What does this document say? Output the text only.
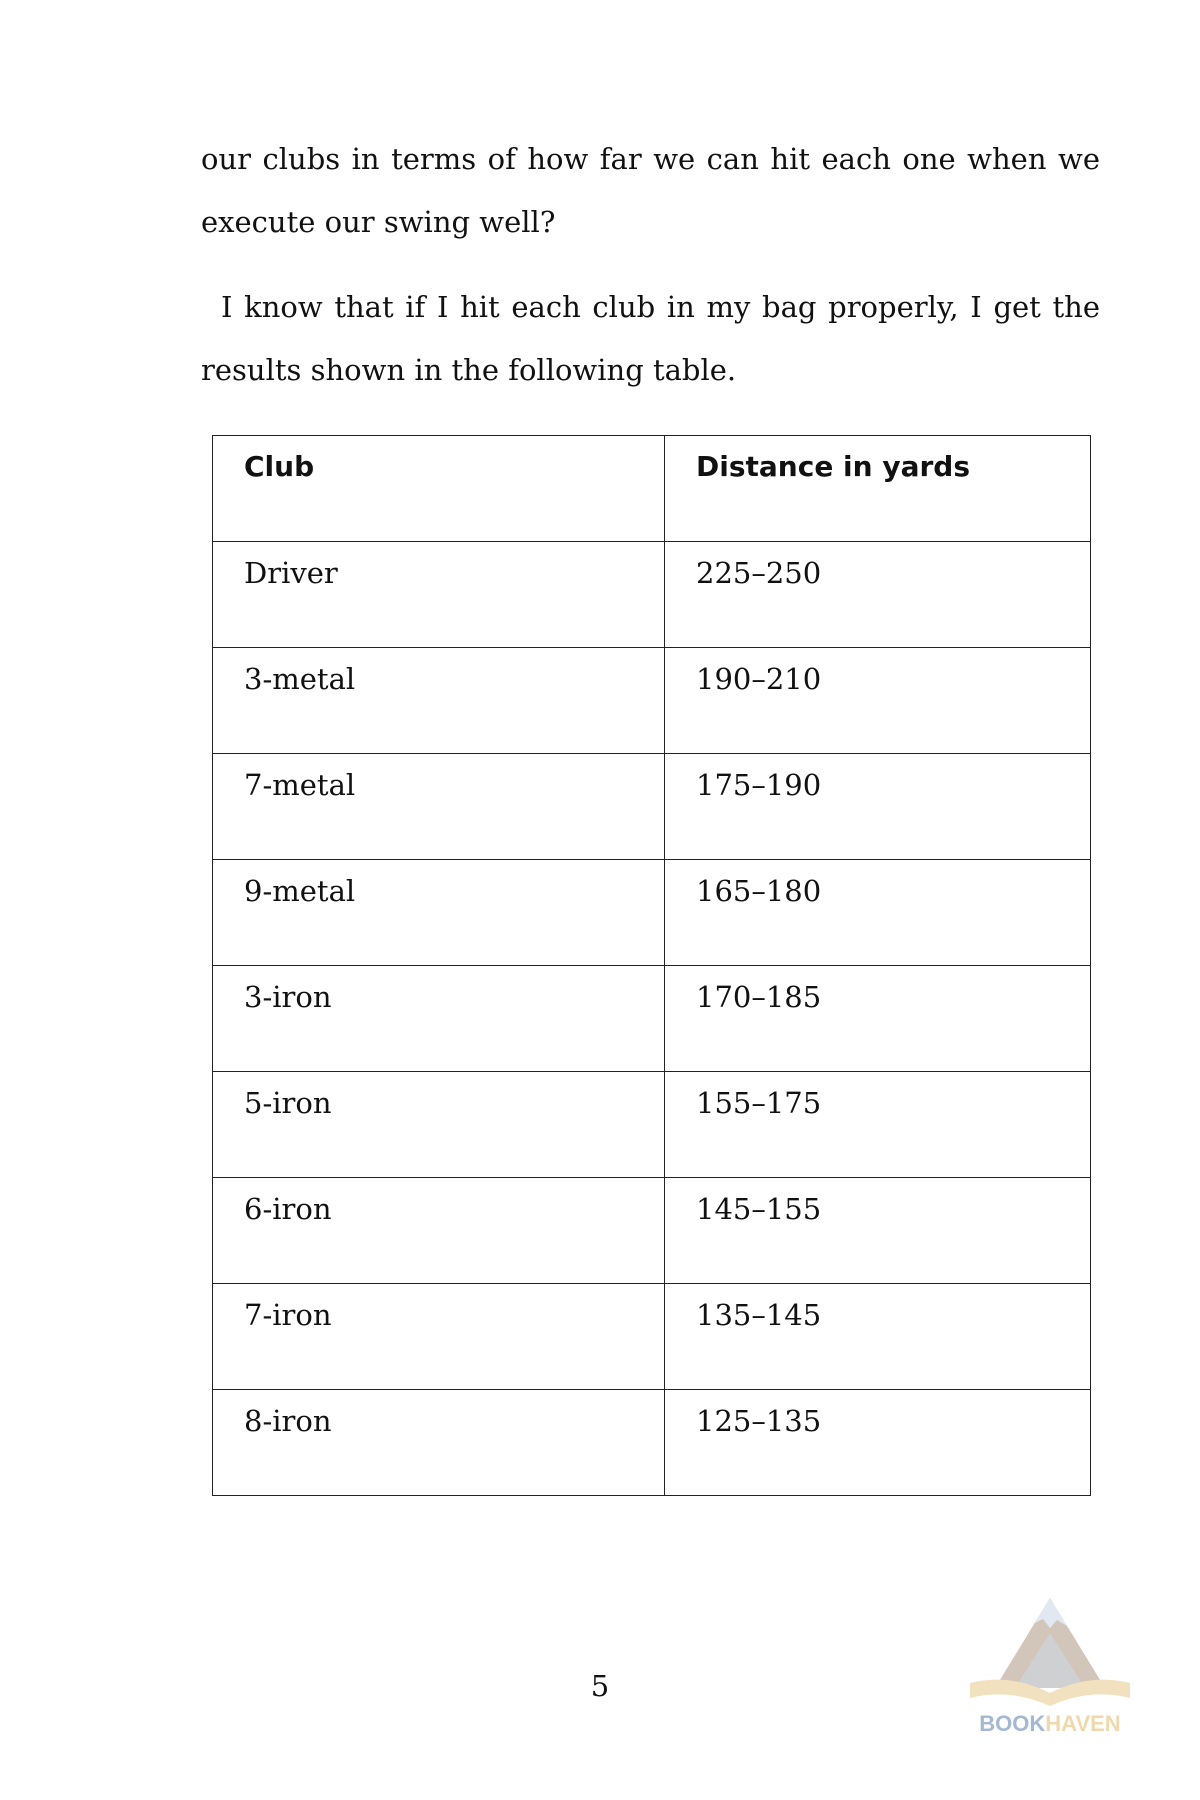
our clubs in terms of how far we can hit each one when we execute our swing well?

I know that if I hit each club in my bag properly, I get the results shown in the following table.

Club	Distance in yards
Driver	225–250
3-metal	190–210
7-metal	175–190
9-metal	165–180
3-iron	170–185
5-iron	155–175
6-iron	145–155
7-iron	135–145
8-iron	125–135
5
BOOKHAVEN
